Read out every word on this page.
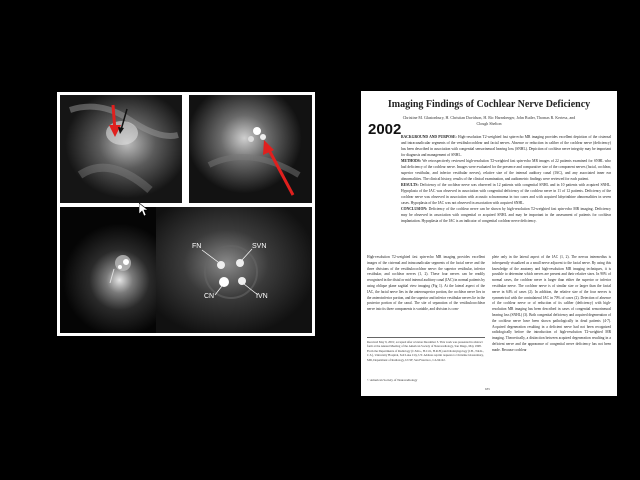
FN	SVN
CN	IVN
2002
Imaging Findings of Cochlear Nerve Deficiency
Christine M. Glastonbury, H. Christian Davidson, H. Ric Harnsberger, John Butler, Thomas R. Kertesz, and Clough Shelton
BACKGROUND AND PURPOSE: High-resolution T2-weighted fast spin-echo MR imaging provides excellent depiction of the cisternal and intracanalicular segments of the vestibulocochlear and facial nerves. Absence or reduction in caliber of the cochlear nerve (deficiency) has been described in association with congenital sensorineural hearing loss (SNHL). Depiction of cochlear nerve integrity may be important for diagnosis and management of SNHL.
METHODS: We retrospectively reviewed high-resolution T2-weighted fast spin-echo MR images of 22 patients examined for SNHL who had deficiency of the cochlear nerve. Images were evaluated for the presence and comparative size of the component nerves (facial, cochlear, superior vestibular, and inferior vestibular nerves), relative size of the internal auditory canal (IAC), and any associated inner ear abnormalities. The clinical history, results of the clinical examination, and audiometric findings were reviewed for each patient.
RESULTS: Deficiency of the cochlear nerve was observed in 12 patients with congenital SNHL and in 10 patients with acquired SNHL. Hypoplasia of the IAC was observed in association with congenital deficiency of the cochlear nerve in 11 of 12 patients. Deficiency of the cochlear nerve was observed in association with acoustic schwannoma in two cases and with acquired labyrinthine abnormalities in seven cases. Hypoplasia of the IAC was not observed in association with acquired SNHL.
CONCLUSION: Deficiency of the cochlear nerve can be shown by high-resolution T2-weighted fast spin-echo MR imaging. Deficiency may be observed in association with congenital or acquired SNHL and may be important in the assessment of patients for cochlear implantation. Hypoplasia of the IAC is an indicator of congenital cochlear nerve deficiency.
High-resolution T2-weighted fast spin-echo MR imaging provides excellent images of the cisternal and intracanalicular segments of the facial nerve and the three divisions of the vestibulocochlear nerve: the superior vestibular, inferior vestibular, and cochlear nerves (1, 2). These four nerves can be readily recognized in the distal or mid internal auditory canal (IAC) in normal patients by using oblique plane sagittal view imaging (Fig 1). At the lateral aspect of the IAC, the facial nerve lies in the anterosuperior portion, the cochlear nerve lies in the anteroinferior portion, and the superior and inferior vestibular nerves lie in the posterior portion of the canal. The site of separation of the vestibulocochlear nerve into its three components is variable, and division is com-
Received May 9, 2001; accepted after revision December 3. This work was presented in abstract form at the Annual Meeting of the American Society of Neuroradiology, San Diego, May 1998. From the Departments of Radiology (C.M.G., H.C.D., H.R.H.) and Otolaryngology (J.B., T.R.K., C.S.), University Hospital, Salt Lake City, UT. Address reprint requests to Christine Glastonbury, MD, Department of Radiology, UCSF, San Francisco, CA 94122.
© American Society of Neuroradiology
plete only in the lateral aspect of the IAC (1, 2). The nervus intermedius is infrequently visualized as a small nerve adjacent to the facial nerve. By using this knowledge of the anatomy and high-resolution MR imaging techniques, it is possible to determine which nerves are present and their relative sizes. In 90% of normal cases, the cochlear nerve is larger than either the superior or inferior vestibular nerve. The cochlear nerve is of similar size or larger than the facial nerve in 64% of cases (2). In addition, the relative size of the four nerves is symmetrical with the contralateral IAC in 70% of cases (2). Detection of absence of the cochlear nerve or of reduction of its caliber (deficiency) with high-resolution MR imaging has been described in cases of congenital sensorineural hearing loss (SNHL) (3). Both congenital deficiency and acquired degeneration of the cochlear nerve have been shown pathologically in dead patients (4-7). Acquired degeneration resulting in a deficient nerve had not been recognized radiologically before the introduction of high-resolution T2-weighted MR imaging. Theoretically, a distinction between acquired degeneration resulting in a deficient nerve and the appearance of congenital nerve deficiency has not been made. Because cochlear
635
